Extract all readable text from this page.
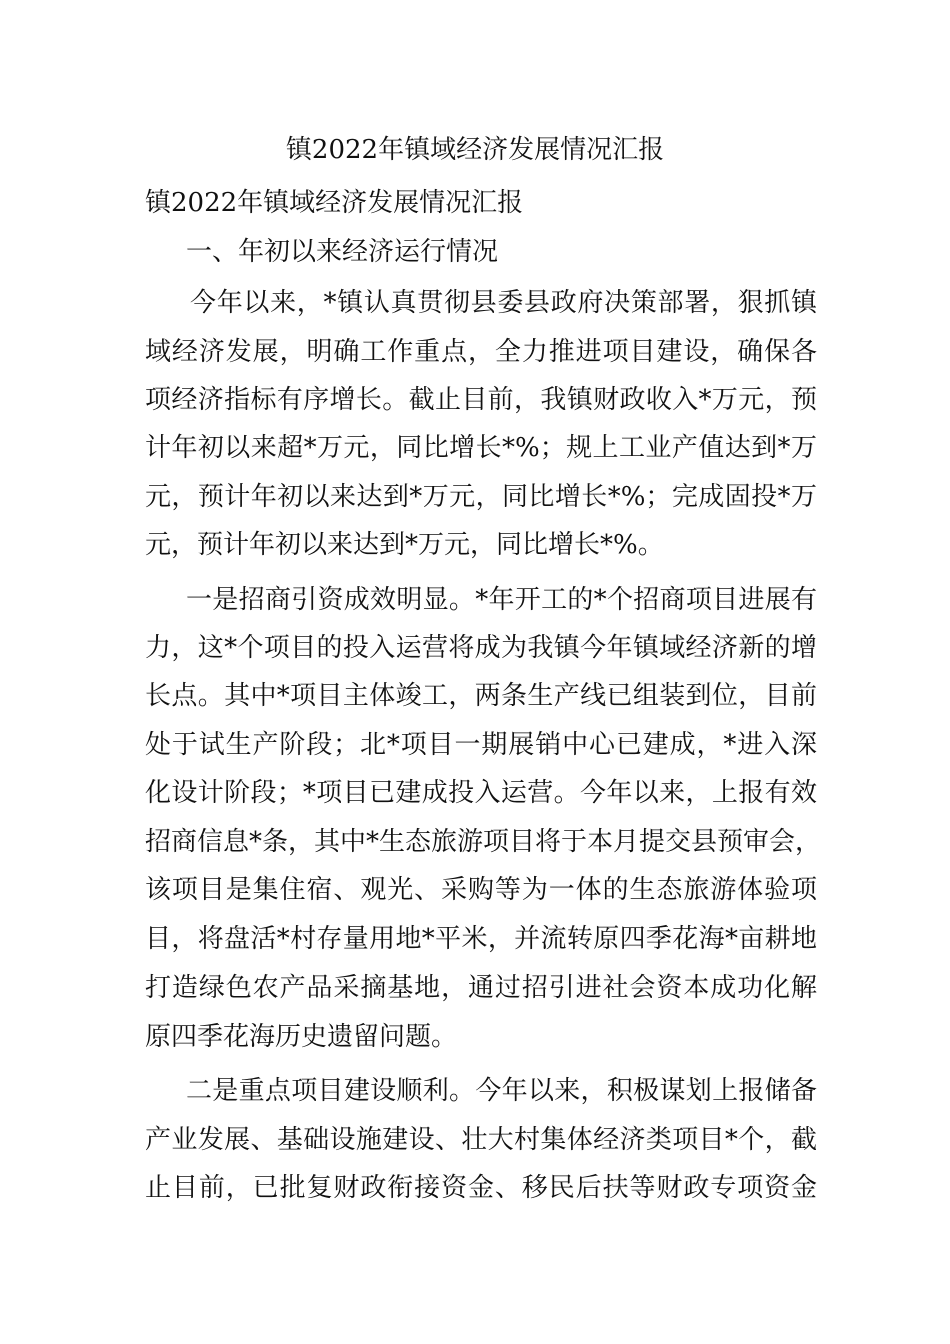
镇2022年镇域经济发展情况汇报
镇2022年镇域经济发展情况汇报
一、年初以来经济运行情况
今年以来，*镇认真贯彻县委县政府决策部署，狠抓镇
域经济发展，明确工作重点，全力推进项目建设，确保各
项经济指标有序增长。截止目前，我镇财政收入*万元，预
计年初以来超*万元，同比增长*%；规上工业产值达到*万
元，预计年初以来达到*万元，同比增长*%；完成固投*万
元，预计年初以来达到*万元，同比增长*%。
一是招商引资成效明显。*年开工的*个招商项目进展有
力，这*个项目的投入运营将成为我镇今年镇域经济新的增
长点。其中*项目主体竣工，两条生产线已组装到位，目前
处于试生产阶段；北*项目一期展销中心已建成，*进入深
化设计阶段；*项目已建成投入运营。今年以来，上报有效
招商信息*条，其中*生态旅游项目将于本月提交县预审会，
该项目是集住宿、观光、采购等为一体的生态旅游体验项
目，将盘活*村存量用地*平米，并流转原四季花海*亩耕地
打造绿色农产品采摘基地，通过招引进社会资本成功化解
原四季花海历史遗留问题。
二是重点项目建设顺利。今年以来，积极谋划上报储备
产业发展、基础设施建设、壮大村集体经济类项目*个，截
止目前，已批复财政衔接资金、移民后扶等财政专项资金
